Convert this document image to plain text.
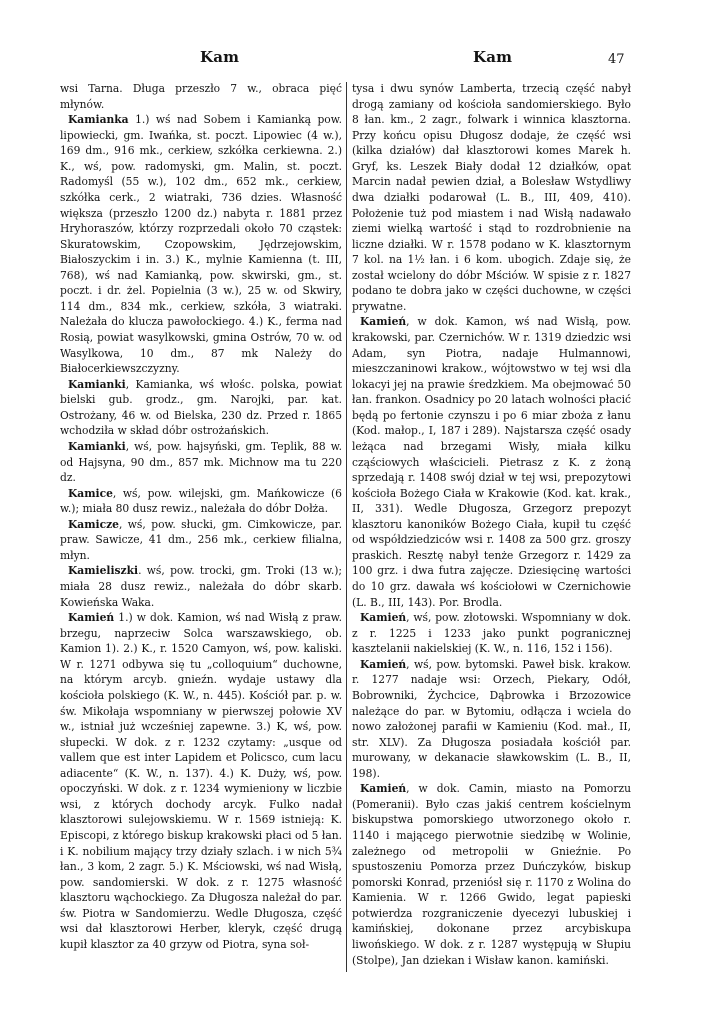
Kam	Kam	47

wsi Tarna. Długa przeszło 7 w., obraca pięć młynów.

Kamianka 1.) wś nad Sobem i Kamianką pow. lipowiecki, gm. Iwańka, st. poczt. Lipowiec (4 w.), 169 dm., 916 mk., cerkiew, szkółka cerkiewna. 2.) K., wś, pow. radomyski, gm. Malin, st. poczt. Radomyśl (55 w.), 102 dm., 652 mk., cerkiew, szkółka cerk., 2 wiatraki, 736 dzies. Własność większa (przeszło 1200 dz.) nabyta r. 1881 przez Hryhoraszów, którzy rozprzedali około 70 cząstek: Skuratowskim, Czopowskim, Jędrzejowskim, Białoszyckim i in. 3.) K., mylnie Kamienna (t. III, 768), wś nad Kamianką, pow. skwirski, gm., st. poczt. i dr. żel. Popielnia (3 w.), 25 w. od Skwiry, 114 dm., 834 mk., cerkiew, szkóła, 3 wiatraki. Należała do klucza pawołockiego. 4.) K., ferma nad Rosią, powiat wasylkowski, gmina Ostrów, 70 w. od Wasylkowa, 10 dm., 87 mk Należy do Białocerkiewszczyzny.

Kamianki, Kamianka, wś włośc. polska, powiat bielski gub. grodz., gm. Narojki, par. kat. Ostrożany, 46 w. od Bielska, 230 dz. Przed r. 1865 wchodziła w skład dóbr ostrożańskich.

Kamianki, wś, pow. hajsyński, gm. Teplik, 88 w. od Hajsyna, 90 dm., 857 mk. Michnow ma tu 220 dz.

Kamice, wś, pow. wilejski, gm. Mańkowicze (6 w.); miała 80 dusz rewiz., należała do dóbr Dołża.

Kamicze, wś, pow. słucki, gm. Cimkowicze, par. praw. Sawicze, 41 dm., 256 mk., cerkiew filialna, młyn.

Kamieliszki. wś, pow. trocki, gm. Troki (13 w.); miała 28 dusz rewiz., należała do dóbr skarb. Kowieńska Waka.

Kamień 1.) w dok. Kamion, wś nad Wisłą z praw. brzegu, naprzeciw Solca warszawskiego, ob. Kamion 1). 2.) K., r. 1520 Camyon, wś, pow. kaliski. W r. 1271 odbywa się tu „colloquium“ duchowne, na którym arcyb. gnieźn. wydaje ustawy dla kościoła polskiego (K. W., n. 445). Kościół par. p. w. św. Mikołaja wspomniany w pierwszej połowie XV w., istniał już wcześniej zapewne. 3.) K, wś, pow. słupecki. W dok. z r. 1232 czytamy: „usque od vallem que est inter Lapidem et Policsco, cum lacu adiacente“ (K. W., n. 137). 4.) K. Duży, wś, pow. opoczyński. W dok. z r. 1234 wymieniony w liczbie wsi, z których dochody arcyk. Fulko nadał klasztorowi sulejowskiemu. W r. 1569 istnieją: K. Episcopi, z którego biskup krakowski płaci od 5 łan. i K. nobilium mający trzy działy szlach. i w nich 5¾ łan., 3 kom, 2 zagr. 5.) K. Mściowski, wś nad Wisłą, pow. sandomierski. W dok. z r. 1275 własność klasztoru wąchockiego. Za Długosza należał do par. św. Piotra w Sandomierzu. Wedle Długosza, część wsi dał klasztorowi Herber, kleryk, część drugą kupił klasztor za 40 grzyw od Piotra, syna soł-

tysa i dwu synów Lamberta, trzecią część nabył drogą zamiany od kościoła sandomierskiego. Było 8 łan. km., 2 zagr., folwark i winnica klasztorna. Przy końcu opisu Długosz dodaje, że część wsi (kilka działów) dał klasztorowi komes Marek h. Gryf, ks. Leszek Biały dodał 12 działków, opat Marcin nadał pewien dział, a Bolesław Wstydliwy dwa działki podarował (L. B., III, 409, 410). Położenie tuż pod miastem i nad Wisłą nadawało ziemi wielką wartość i stąd to rozdrobnienie na liczne działki. W r. 1578 podano w K. klasztornym 7 kol. na 1½ łan. i 6 kom. ubogich. Zdaje się, że został wcielony do dóbr Mściów. W spisie z r. 1827 podano te dobra jako w części duchowne, w części prywatne.

Kamień, w dok. Kamon, wś nad Wisłą, pow. krakowski, par. Czernichów. W r. 1319 dziedzic wsi Adam, syn Piotra, nadaje Hulmannowi, mieszczaninowi krakow., wójtowstwo w tej wsi dla lokacyi jej na prawie średzkiem. Ma obejmować 50 łan. frankon. Osadnicy po 20 latach wolności płacić będą po fertonie czynszu i po 6 miar zboża z łanu (Kod. małop., I, 187 i 289). Najstarsza część osady leżąca nad brzegami Wisły, miała kilku cząściowych właścicieli. Pietrasz z K. z żoną sprzedają r. 1408 swój dział w tej wsi, prepozytowi kościoła Bożego Ciała w Krakowie (Kod. kat. krak., II, 331). Wedle Długosza, Grzegorz prepozyt klasztoru kanoników Bożego Ciała, kupił tu część od współdziedziców wsi r. 1408 za 500 grz. groszy praskich. Resztę nabył tenże Grzegorz r. 1429 za 100 grz. i dwa futra zajęcze. Dziesięcinę wartości do 10 grz. dawała wś kościołowi w Czernichowie (L. B., III, 143). Por. Brodla.

Kamień, wś, pow. złotowski. Wspomniany w dok. z r. 1225 i 1233 jako punkt pogranicznej kasztelanii nakielskiej (K. W., n. 116, 152 i 156).

Kamień, wś, pow. bytomski. Paweł bisk. krakow. r. 1277 nadaje wsi: Orzech, Piekary, Odół, Bobrowniki, Żychcice, Dąbrowka i Brzozowice należące do par. w Bytomiu, odłącza i wciela do nowo założonej parafii w Kamieniu (Kod. mał., II, str. XLV). Za Długosza posiadała kościół par. murowany, w dekanacie sławkowskim (L. B., II, 198).

Kamień, w dok. Camin, miasto na Pomorzu (Pomeranii). Było czas jakiś centrem kościelnym biskupstwa pomorskiego utworzonego około r. 1140 i mającego pierwotnie siedzibę w Wolinie, zależnego od metropolii w Gnieźnie. Po spustoszeniu Pomorza przez Duńczyków, biskup pomorski Konrad, przeniósł się r. 1170 z Wolina do Kamienia. W r. 1266 Gwido, legat papieski potwierdza rozgraniczenie dyecezyi lubuskiej i kamińskiej, dokonane przez arcybiskupa liwońskiego. W dok. z r. 1287 występują w Słupiu (Stolpe), Jan dziekan i Wisław kanon. kamiński.
